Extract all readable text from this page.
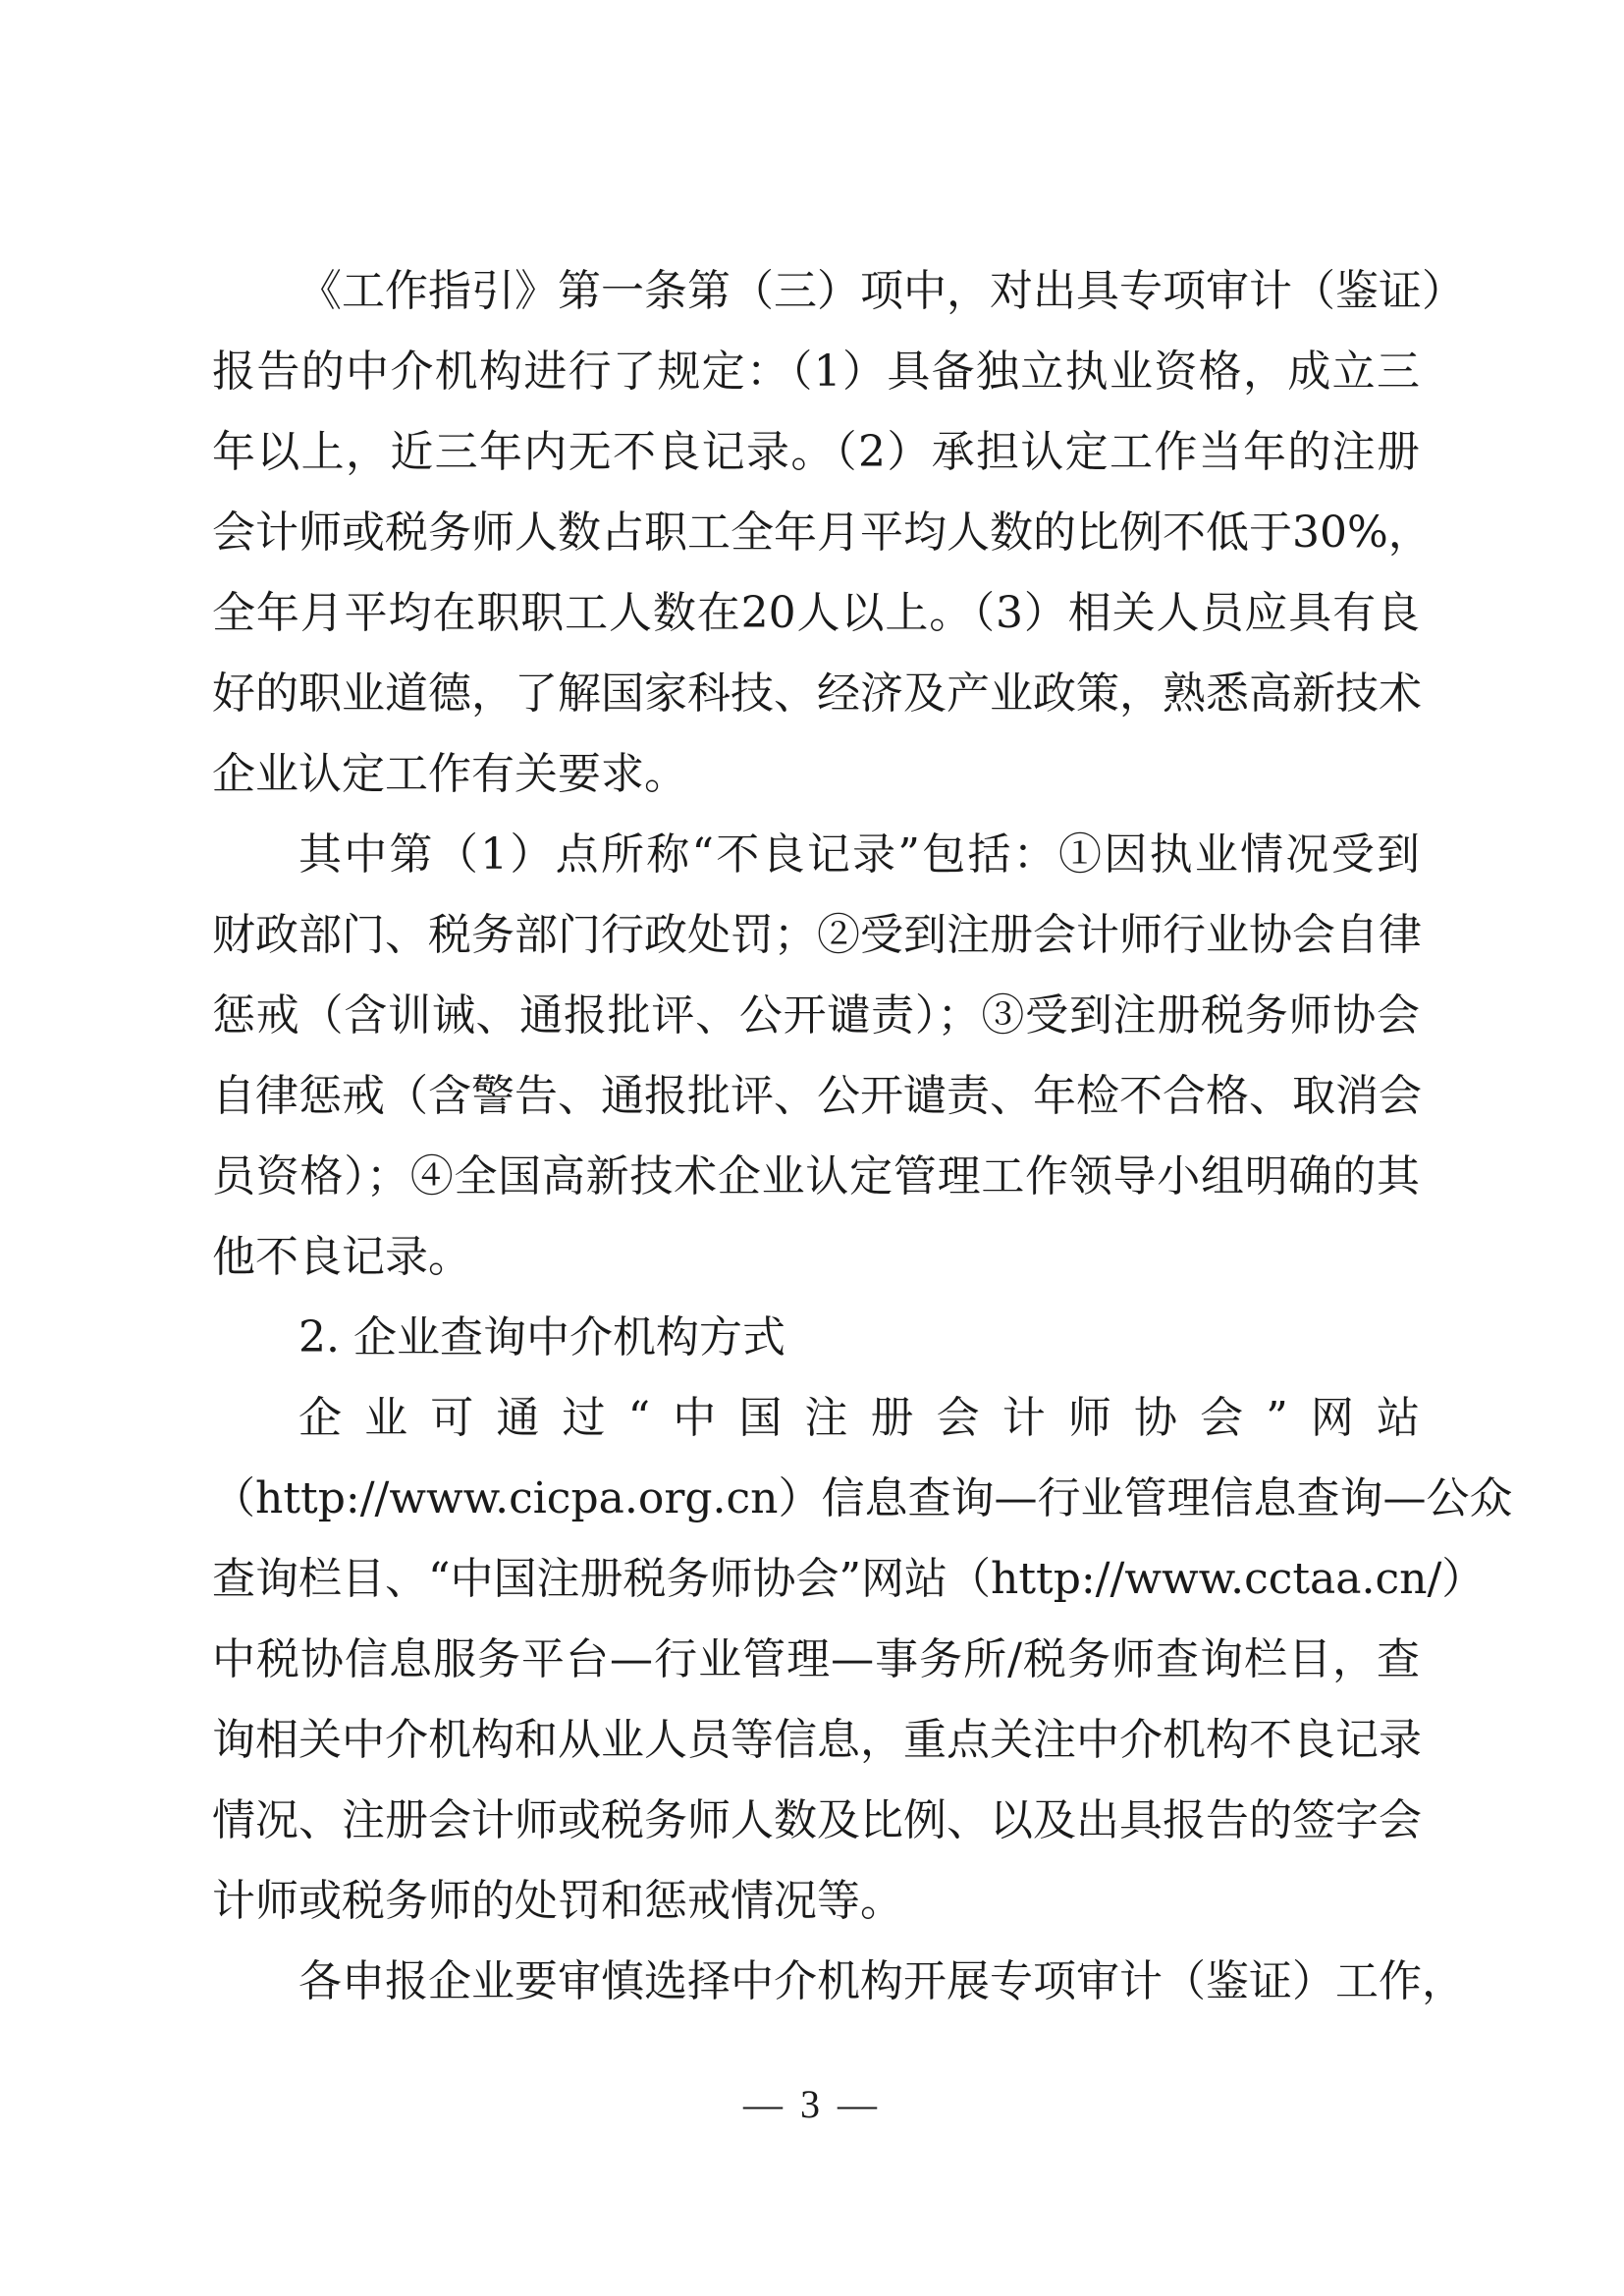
《工作指引》第一条第（三）项中，对出具专项审计（鉴证）
报告的中介机构进行了规定：（1）具备独立执业资格，成立三
年以上，近三年内无不良记录。（2）承担认定工作当年的注册
会计师或税务师人数占职工全年月平均人数的比例不低于30%，
全年月平均在职职工人数在20人以上。（3）相关人员应具有良
好的职业道德，了解国家科技、经济及产业政策，熟悉高新技术
企业认定工作有关要求。
其中第（1）点所称“不良记录”包括：①因执业情况受到
财政部门、税务部门行政处罚；②受到注册会计师行业协会自律
惩戒（含训诫、通报批评、公开谴责）；③受到注册税务师协会
自律惩戒（含警告、通报批评、公开谴责、年检不合格、取消会
员资格）；④全国高新技术企业认定管理工作领导小组明确的其
他不良记录。
2. 企业查询中介机构方式
企业可通过“中国注册会计师协会”网站
（http://www.cicpa.org.cn）信息查询—行业管理信息查询—公众
查询栏目、“中国注册税务师协会”网站（http://www.cctaa.cn/）
中税协信息服务平台—行业管理—事务所/税务师查询栏目，查
询相关中介机构和从业人员等信息，重点关注中介机构不良记录
情况、注册会计师或税务师人数及比例、以及出具报告的签字会
计师或税务师的处罚和惩戒情况等。
各申报企业要审慎选择中介机构开展专项审计（鉴证）工作，
— 3 —
